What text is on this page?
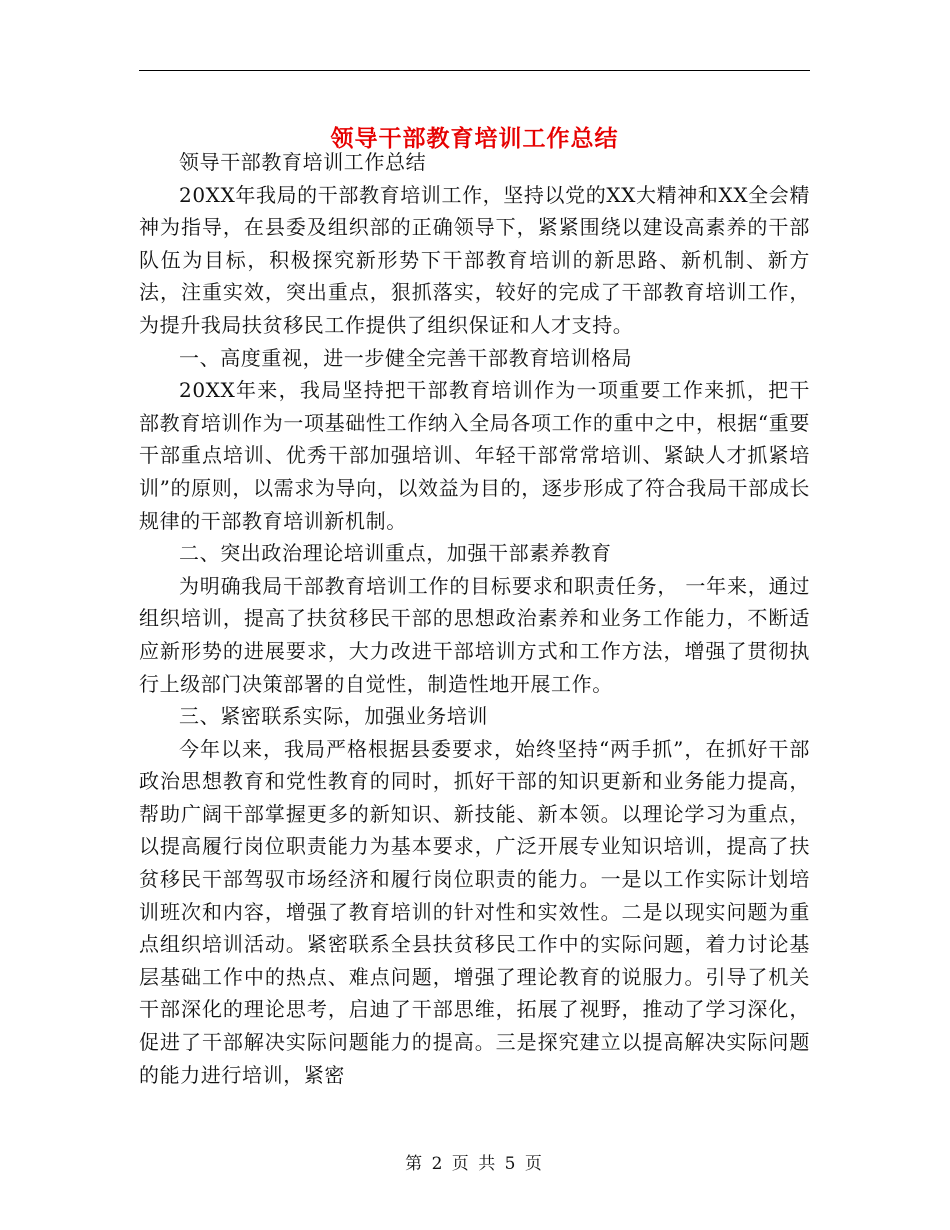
领导干部教育培训工作总结

领导干部教育培训工作总结

20XX年我局的干部教育培训工作，坚持以党的XX大精神和XX全会精神为指导，在县委及组织部的正确领导下，紧紧围绕以建设高素养的干部队伍为目标，积极探究新形势下干部教育培训的新思路、新机制、新方法，注重实效，突出重点，狠抓落实，较好的完成了干部教育培训工作，为提升我局扶贫移民工作提供了组织保证和人才支持。

一、高度重视，进一步健全完善干部教育培训格局

20XX年来，我局坚持把干部教育培训作为一项重要工作来抓，把干部教育培训作为一项基础性工作纳入全局各项工作的重中之中，根据“重要干部重点培训、优秀干部加强培训、年轻干部常常培训、紧缺人才抓紧培训”的原则，以需求为导向，以效益为目的，逐步形成了符合我局干部成长规律的干部教育培训新机制。

二、突出政治理论培训重点，加强干部素养教育

为明确我局干部教育培训工作的目标要求和职责任务， 一年来，通过组织培训，提高了扶贫移民干部的思想政治素养和业务工作能力，不断适应新形势的进展要求，大力改进干部培训方式和工作方法，增强了贯彻执行上级部门决策部署的自觉性，制造性地开展工作。

三、紧密联系实际，加强业务培训

今年以来，我局严格根据县委要求，始终坚持“两手抓”，在抓好干部政治思想教育和党性教育的同时，抓好干部的知识更新和业务能力提高，帮助广阔干部掌握更多的新知识、新技能、新本领。以理论学习为重点，以提高履行岗位职责能力为基本要求，广泛开展专业知识培训，提高了扶贫移民干部驾驭市场经济和履行岗位职责的能力。一是以工作实际计划培训班次和内容，增强了教育培训的针对性和实效性。二是以现实问题为重点组织培训活动。紧密联系全县扶贫移民工作中的实际问题，着力讨论基层基础工作中的热点、难点问题，增强了理论教育的说服力。引导了机关干部深化的理论思考，启迪了干部思维，拓展了视野，推动了学习深化，促进了干部解决实际问题能力的提高。三是探究建立以提高解决实际问题的能力进行培训，紧密

第 2 页 共 5 页
